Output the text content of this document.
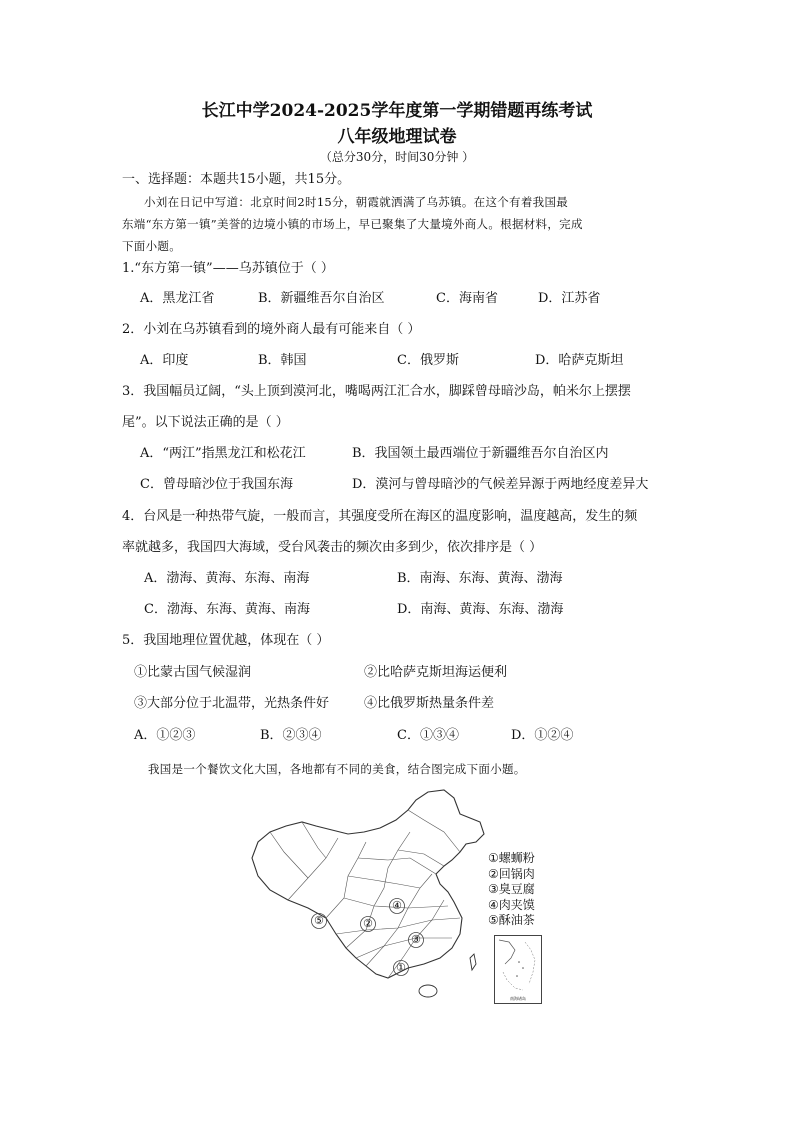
长江中学2024-2025学年度第一学期错题再练考试
八年级地理试卷
（总分30分，时间30分钟 ）
一、选择题：本题共15小题，共15分。
小刘在日记中写道：北京时间2时15分，朝霞就洒满了乌苏镇。在这个有着我国最
东端“东方第一镇”美誉的边境小镇的市场上，早已聚集了大量境外商人。根据材料，完成
下面小题。
1.“东方第一镇”——乌苏镇位于（ ）
A．黑龙江省	B．新疆维吾尔自治区	C．海南省	D．江苏省
2．小刘在乌苏镇看到的境外商人最有可能来自（ ）
A．印度	B．韩国	C．俄罗斯	D．哈萨克斯坦
3．我国幅员辽阔，“头上顶到漠河北，嘴喝两江汇合水，脚踩曾母暗沙岛，帕米尔上摆摆
尾”。以下说法正确的是（ ）
A．“两江”指黑龙江和松花江	B．我国领土最西端位于新疆维吾尔自治区内
C．曾母暗沙位于我国东海	D．漠河与曾母暗沙的气候差异源于两地经度差异大
4．台风是一种热带气旋，一般而言，其强度受所在海区的温度影响，温度越高，发生的频
率就越多，我国四大海域，受台风袭击的频次由多到少，依次排序是（ ）
A．渤海、黄海、东海、南海	B．南海、东海、黄海、渤海
C．渤海、东海、黄海、南海	D．南海、黄海、东海、渤海
5．我国地理位置优越，体现在（ ）
①比蒙古国气候湿润	②比哈萨克斯坦海运便利
③大部分位于北温带，光热条件好	④比俄罗斯热量条件差
A．①②③	B．②③④	C．①③④	D．①②④
我国是一个餐饮文化大国，各地都有不同的美食，结合图完成下面小题。
⑤	②
④
③
①
①螺蛳粉
②回锅肉
③臭豆腐
④肉夹馍
⑤酥油茶
南海诸岛
